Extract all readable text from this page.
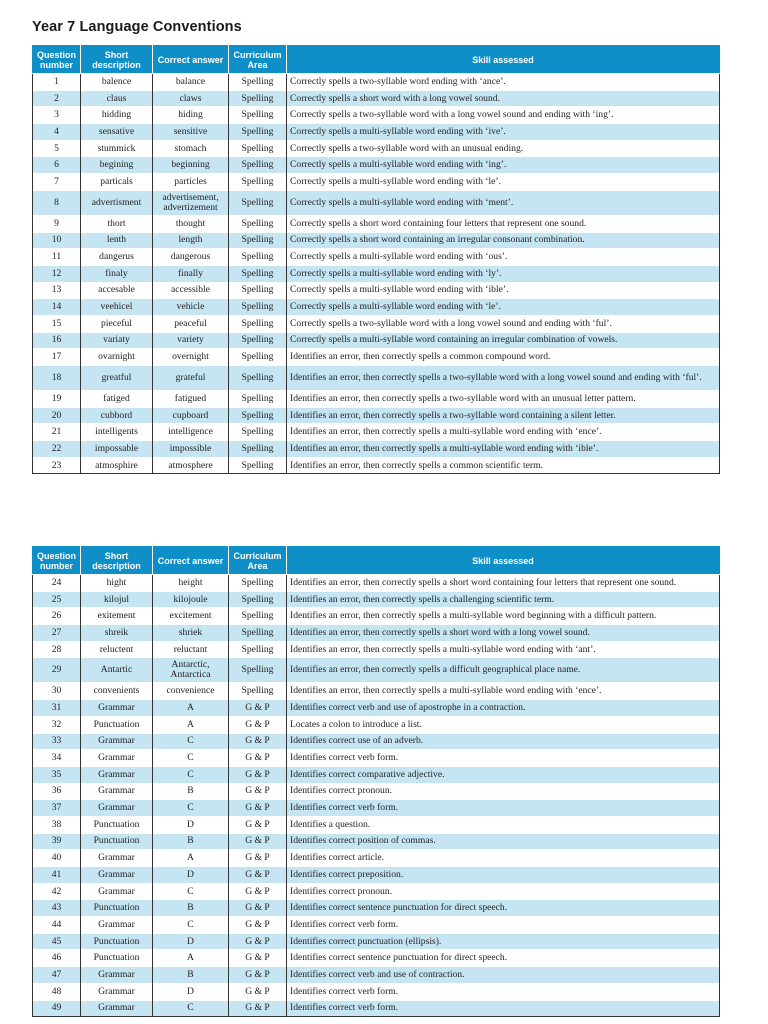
Year 7 Language Conventions
Question number	Short description	Correct answer	Curriculum Area	Skill assessed
1	balence	balance	Spelling	Correctly spells a two-syllable word ending with ‘ance’.
2	claus	claws	Spelling	Correctly spells a short word with a long vowel sound.
3	hidding	hiding	Spelling	Correctly spells a two-syllable word with a long vowel sound and ending with ‘ing’.
4	sensative	sensitive	Spelling	Correctly spells a multi-syllable word ending with ‘ive’.
5	stummick	stomach	Spelling	Correctly spells a two-syllable word with an unusual ending.
6	begining	beginning	Spelling	Correctly spells a multi-syllable word ending with ‘ing’.
7	particals	particles	Spelling	Correctly spells a multi-syllable word ending with ‘le’.
8	advertisment	advertisement, advertizement	Spelling	Correctly spells a multi-syllable word ending with ‘ment’.
9	thort	thought	Spelling	Correctly spells a short word containing four letters that represent one sound.
10	lenth	length	Spelling	Correctly spells a short word containing an irregular consonant combination.
11	dangerus	dangerous	Spelling	Correctly spells a multi-syllable word ending with ‘ous’.
12	finaly	finally	Spelling	Correctly spells a multi-syllable word ending with ‘ly’.
13	accesable	accessible	Spelling	Correctly spells a multi-syllable word ending with ‘ible’.
14	veehicel	vehicle	Spelling	Correctly spells a multi-syllable word ending with ‘le’.
15	pieceful	peaceful	Spelling	Correctly spells a two-syllable word with a long vowel sound and ending with ‘ful’.
16	variaty	variety	Spelling	Correctly spells a multi-syllable word containing an irregular combination of vowels.
17	ovarnight	overnight	Spelling	Identifies an error, then correctly spells a common compound word.
18	greatful	grateful	Spelling	Identifies an error, then correctly spells a two-syllable word with a long vowel sound and ending with ‘ful’.
19	fatiged	fatigued	Spelling	Identifies an error, then correctly spells a two-syllable word with an unusual letter pattern.
20	cubbord	cupboard	Spelling	Identifies an error, then correctly spells a two-syllable word containing a silent letter.
21	intelligents	intelligence	Spelling	Identifies an error, then correctly spells a multi-syllable word ending with ‘ence’.
22	impossable	impossible	Spelling	Identifies an error, then correctly spells a multi-syllable word ending with ‘ible’.
23	atmosphire	atmosphere	Spelling	Identifies an error, then correctly spells a common scientific term.
Question number	Short description	Correct answer	Curriculum Area	Skill assessed
24	hight	height	Spelling	Identifies an error, then correctly spells a short word containing four letters that represent one sound.
25	kilojul	kilojoule	Spelling	Identifies an error, then correctly spells a challenging scientific term.
26	exitement	excitement	Spelling	Identifies an error, then correctly spells a multi-syllable word beginning with a difficult pattern.
27	shreik	shriek	Spelling	Identifies an error, then correctly spells a short word with a long vowel sound.
28	reluctent	reluctant	Spelling	Identifies an error, then correctly spells a multi-syllable word ending with ‘ant’.
29	Antartic	Antarctic, Antarctica	Spelling	Identifies an error, then correctly spells a difficult geographical place name.
30	convenients	convenience	Spelling	Identifies an error, then correctly spells a multi-syllable word ending with ‘ence’.
31	Grammar	A	G & P	Identifies correct verb and use of apostrophe in a contraction.
32	Punctuation	A	G & P	Locates a colon to introduce a list.
33	Grammar	C	G & P	Identifies correct use of an adverb.
34	Grammar	C	G & P	Identifies correct verb form.
35	Grammar	C	G & P	Identifies correct comparative adjective.
36	Grammar	B	G & P	Identifies correct pronoun.
37	Grammar	C	G & P	Identifies correct verb form.
38	Punctuation	D	G & P	Identifies a question.
39	Punctuation	B	G & P	Identifies correct position of commas.
40	Grammar	A	G & P	Identifies correct article.
41	Grammar	D	G & P	Identifies correct preposition.
42	Grammar	C	G & P	Identifies correct pronoun.
43	Punctuation	B	G & P	Identifies correct sentence punctuation for direct speech.
44	Grammar	C	G & P	Identifies correct verb form.
45	Punctuation	D	G & P	Identifies correct punctuation (ellipsis).
46	Punctuation	A	G & P	Identifies correct sentence punctuation for direct speech.
47	Grammar	B	G & P	Identifies correct verb and use of contraction.
48	Grammar	D	G & P	Identifies correct verb form.
49	Grammar	C	G & P	Identifies correct verb form.
